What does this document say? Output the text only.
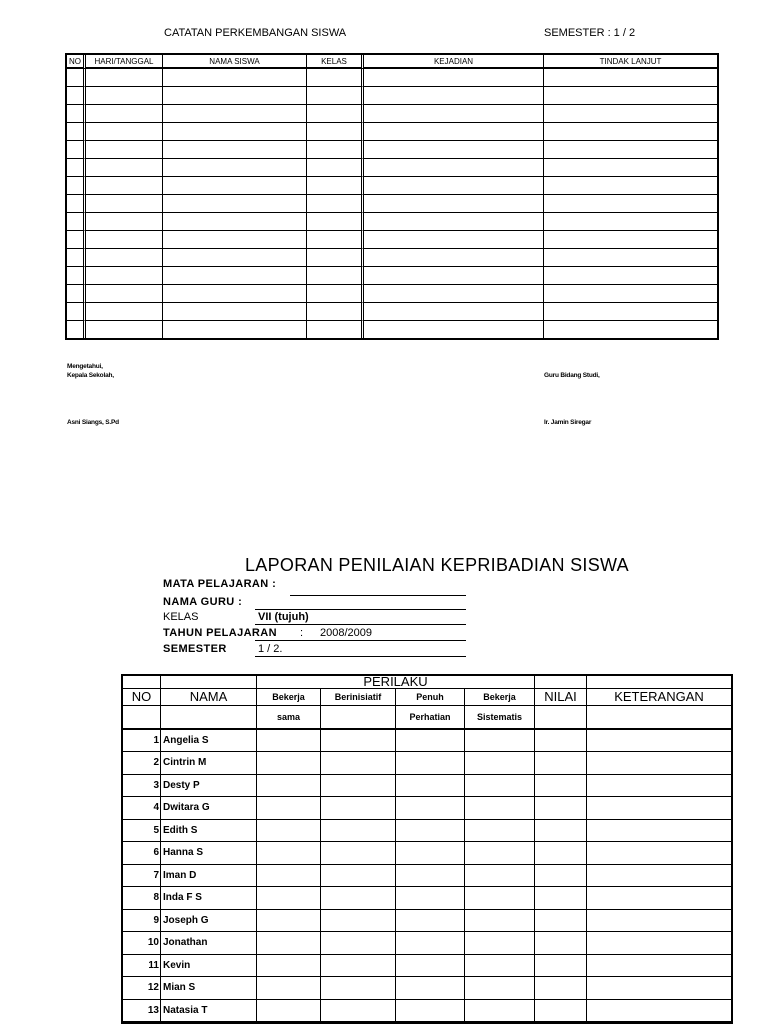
CATATAN PERKEMBANGAN SISWA	SEMESTER : 1 / 2
NO	HARI/TANGGAL	NAMA SISWA	KELAS	KEJADIAN	TINDAK LANJUT

Mengetahui,
Kepala Sekolah,	Guru Bidang Studi,
Asni Siangs, S.Pd	Ir. Jamin Siregar
LAPORAN PENILAIAN KEPRIBADIAN SISWA
MATA PELAJARAN :
NAMA GURU :
KELAS	VII (tujuh)
TAHUN PELAJARAN : 2008/2009
SEMESTER	1 / 2.
		PERILAKU					
NO	NAMA	Bekerja	Berinisiatif	Penuh	Bekerja	NILAI	KETERANGAN
		sama		Perhatian	Sistematis		
1	Angelia S						
2	Cintrin M						
3	Desty P						
4	Dwitara G						
5	Edith S						
6	Hanna S						
7	Iman D						
8	Inda F S						
9	Joseph G						
10	Jonathan						
11	Kevin						
12	Mian S						
13	Natasia T						
